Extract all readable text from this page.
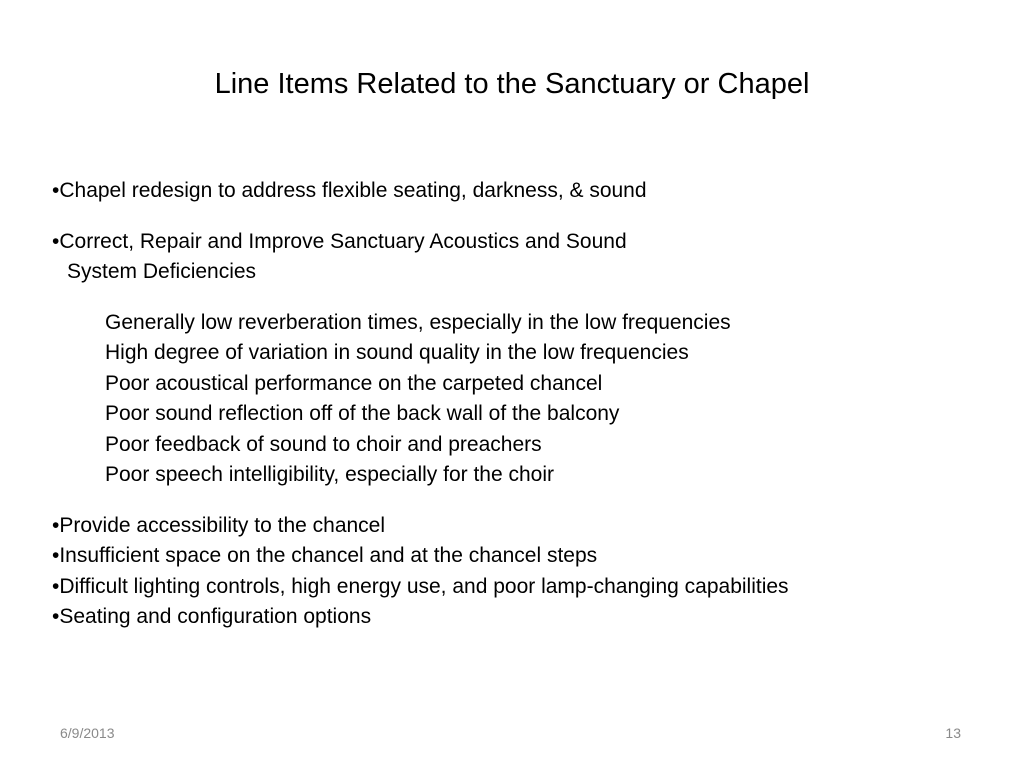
Line Items Related to the Sanctuary or Chapel

•Chapel redesign to address flexible seating, darkness, & sound

•Correct, Repair and Improve Sanctuary Acoustics and Sound

System Deficiencies

Generally low reverberation times, especially in the low frequencies

High degree of variation in sound quality in the low frequencies

Poor acoustical performance on the carpeted chancel

Poor sound reflection off of the back wall of the balcony

Poor feedback of sound to choir and preachers

Poor speech intelligibility, especially for the choir

•Provide accessibility to the chancel

•Insufficient space on the chancel and at the chancel steps

•Difficult lighting controls, high energy use, and poor lamp-changing capabilities

•Seating and configuration options

6/9/2013	13
